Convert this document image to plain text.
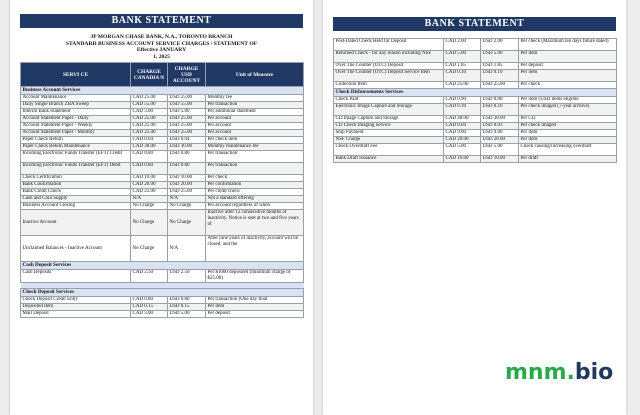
BANK STATEMENT
JP MORGAN CHASE BANK, N.A., TORONTO BRANCH
STANDARD BUSINESS ACCOUNT SERVICE CHARGES / STATEMENT OF
Effective JANUARY
1, 2025
SERVI CE	CHARGE CANADIA N	CHARGE USD ACCOUNT	Unit of Measure
Business Account Services			
Account Maintenance	CAD 25.00	USD 25.00	Monthly fee
Daily Single Branch ZBA Sweep	CAD 55.00	USD 55.00	Per transaction
Interim Bank Statement	CAD 5.00	USD 5.00	Per additional statement
Account Statement Paper - Daily	CAD 25.00	USD 25.00	Per account
Account Statement Paper - Weekly	CAD 25.00	USD 25.00	Per account
Account Statement Paper - Monthly	CAD 25.00	USD 25.00	Per account
Paper Check Return	CAD 0.04	USD 0.04	Per check item
Paper Check Return Maintenance	CAD 30.00	USD 30.00	Monthly maintenance fee
Incoming Electronic Funds Transfer (EFT) Credit	CAD 0.80	USD 0.80	Per transaction
Incoming Electronic Funds Transfer (EFT) Debit	CAD 0.80	USD 0.80	Per transaction
Check Certification	CAD 10.00	USD 10.00	Per check
Bank Confirmation	CAD 20.00	USD 20.00	Per confirmation
Bank Credit Check	CAD 25.00	USD 25.00	Per credit check
Cash and Coin Supply	N/A	N/A	Not a standard offering
Business Account Closing	No Charge	No Charge	Per account regardless of when
Inactive Account	No Charge	No Charge	Inactive after 12 consecutive months of inactivity. Notice is sent at two and five years of
Unclaimed Balances - Inactive Account	No Charge	N/A	After nine years of inactivity, account will be closed, and the
Cash Deposit Services			
Cash Deposits	CAD 2.50	USD 2.50	Per $1000 deposited (minimum charge of $25.00)

Check Deposit Services			
Check Deposit Credit Entry	CAD 0.80	USD 0.80	Per transaction (One day float
Deposited Item	CAD 0.15	USD 0.15	Per item
Mail Deposit	CAD 5.00	USD 5.00	Per deposit
BANK STATEMENT
Post-Dated Check Held for Deposit	CAD 2.00	USD 2.00	Per check (Maximum ten days future dated)
Returned Check - for any reason including NSF	CAD 5.00	USD 5.00	Per item
Over The Counter (OTC) Deposit	CAD 1.85	USD 1.85	Per deposit
Over The Counter (OTC) Deposit Service Item	CAD 0.10	USD 0.10	Per item
Collection Item	CAD 25.00	USD 25.00	Per check
Check Disbursements Services			
Check Paid	CAD 0.90	USD 0.90	Per item (USD items eligible
Electronic Image Capture and Storage	CAD 0.10	USD 0.10	Per check imaged (7-year archive)
CD Image Capture and Storage	CAD 40.00	USD 30.00	Per CD
CD Check Imaging Service	CAD 0.04	USD 0.03	Per check imaged
Stop Payment	CAD 9.00	USD 9.00	Per item
NSF Charge	CAD 20.00	USD 20.00	Per item
Check Overdraft Fee	CAD 5.00	USD 5.00	Check causing/increasing overdraft
Bank Draft Issuance	CAD 10.00	USD 10.00	Per draft
mnm.bio
